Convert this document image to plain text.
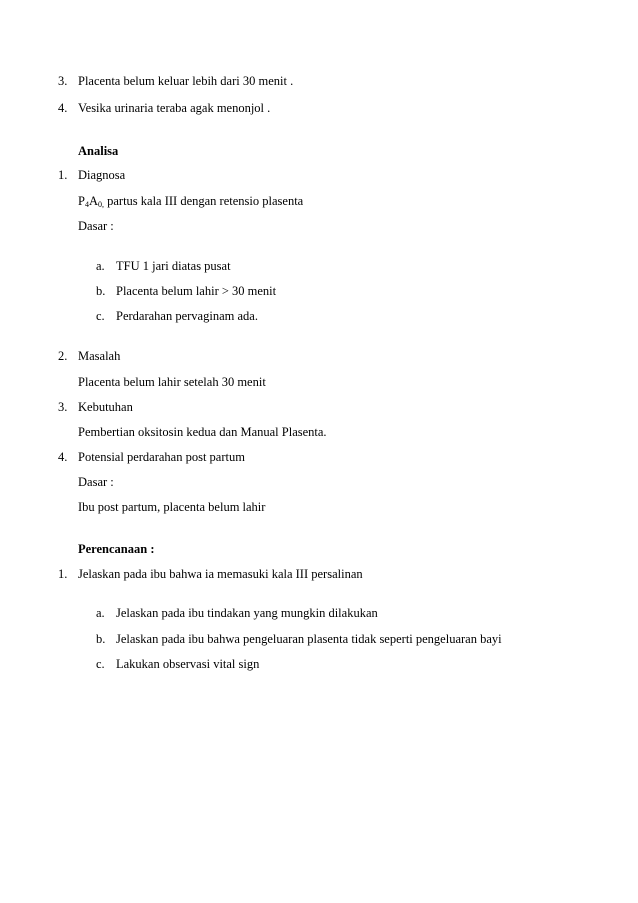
3. Placenta belum keluar lebih dari 30 menit .
4. Vesika urinaria teraba agak menonjol .
Analisa
1. Diagnosa
$P_4A_{0,}$ partus kala III dengan retensio plasenta
Dasar :
a. TFU 1 jari diatas pusat
b. Placenta belum lahir > 30 menit
c. Perdarahan pervaginam ada.
2. Masalah
Placenta belum lahir setelah 30 menit
3. Kebutuhan
Pembertian oksitosin kedua dan Manual Plasenta.
4. Potensial perdarahan post partum
Dasar :
Ibu post partum, placenta belum lahir
Perencanaan :
1. Jelaskan pada ibu bahwa ia memasuki kala III persalinan
a. Jelaskan pada ibu tindakan yang mungkin dilakukan
b. Jelaskan pada ibu bahwa pengeluaran plasenta tidak seperti pengeluaran bayi
c. Lakukan observasi vital sign
